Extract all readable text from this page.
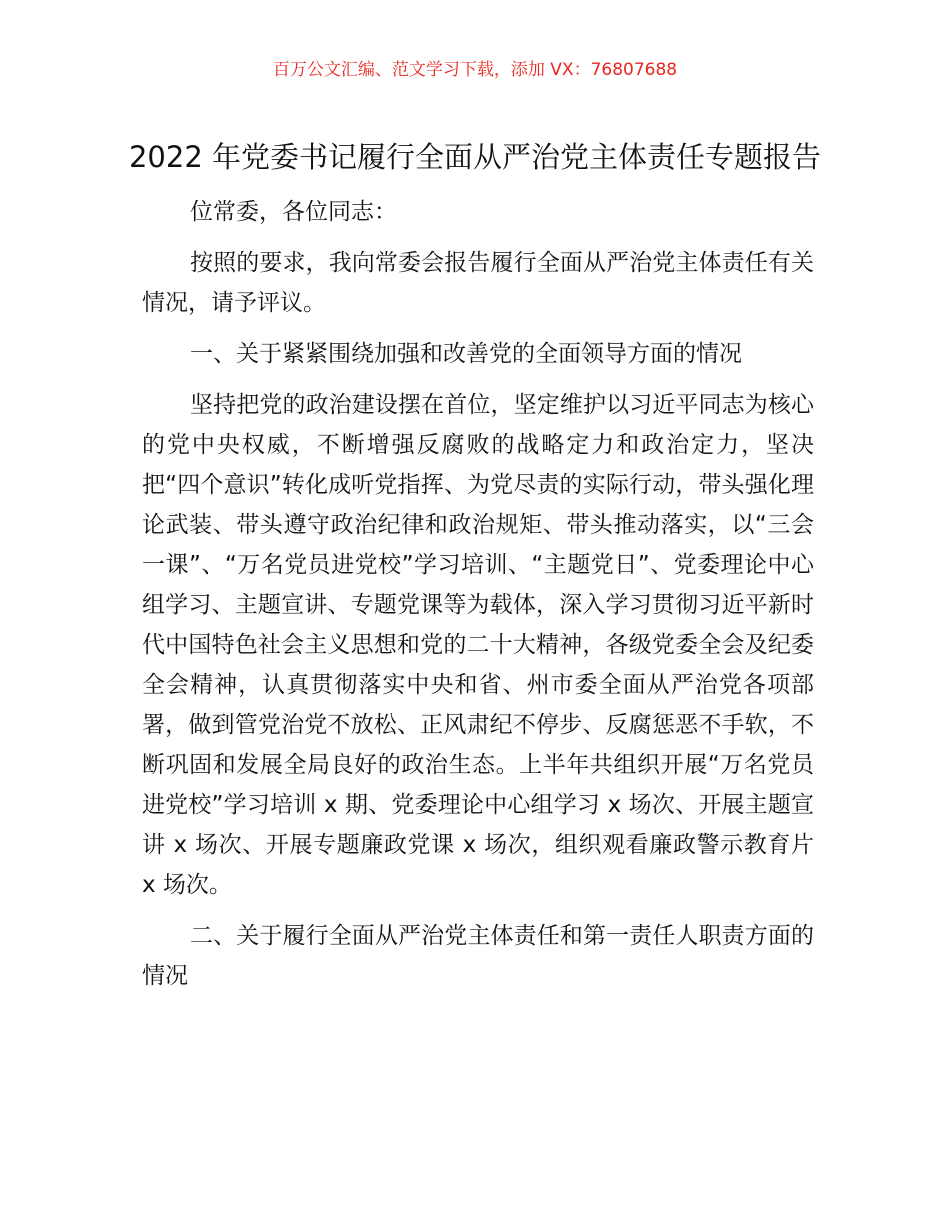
百万公文汇编、范文学习下载，添加 VX：76807688
2022 年党委书记履行全面从严治党主体责任专题报告

位常委，各位同志：

按照的要求，我向常委会报告履行全面从严治党主体责任有关情况，请予评议。

一、关于紧紧围绕加强和改善党的全面领导方面的情况

坚持把党的政治建设摆在首位，坚定维护以习近平同志为核心的党中央权威，不断增强反腐败的战略定力和政治定力，坚决把“四个意识”转化成听党指挥、为党尽责的实际行动，带头强化理论武装、带头遵守政治纪律和政治规矩、带头推动落实，以“三会一课”、“万名党员进党校”学习培训、“主题党日”、党委理论中心组学习、主题宣讲、专题党课等为载体，深入学习贯彻习近平新时代中国特色社会主义思想和党的二十大精神，各级党委全会及纪委全会精神，认真贯彻落实中央和省、州市委全面从严治党各项部署，做到管党治党不放松、正风肃纪不停步、反腐惩恶不手软，不断巩固和发展全局良好的政治生态。上半年共组织开展“万名党员进党校”学习培训 x 期、党委理论中心组学习 x 场次、开展主题宣讲 x 场次、开展专题廉政党课 x 场次，组织观看廉政警示教育片 x 场次。

二、关于履行全面从严治党主体责任和第一责任人职责方面的情况
